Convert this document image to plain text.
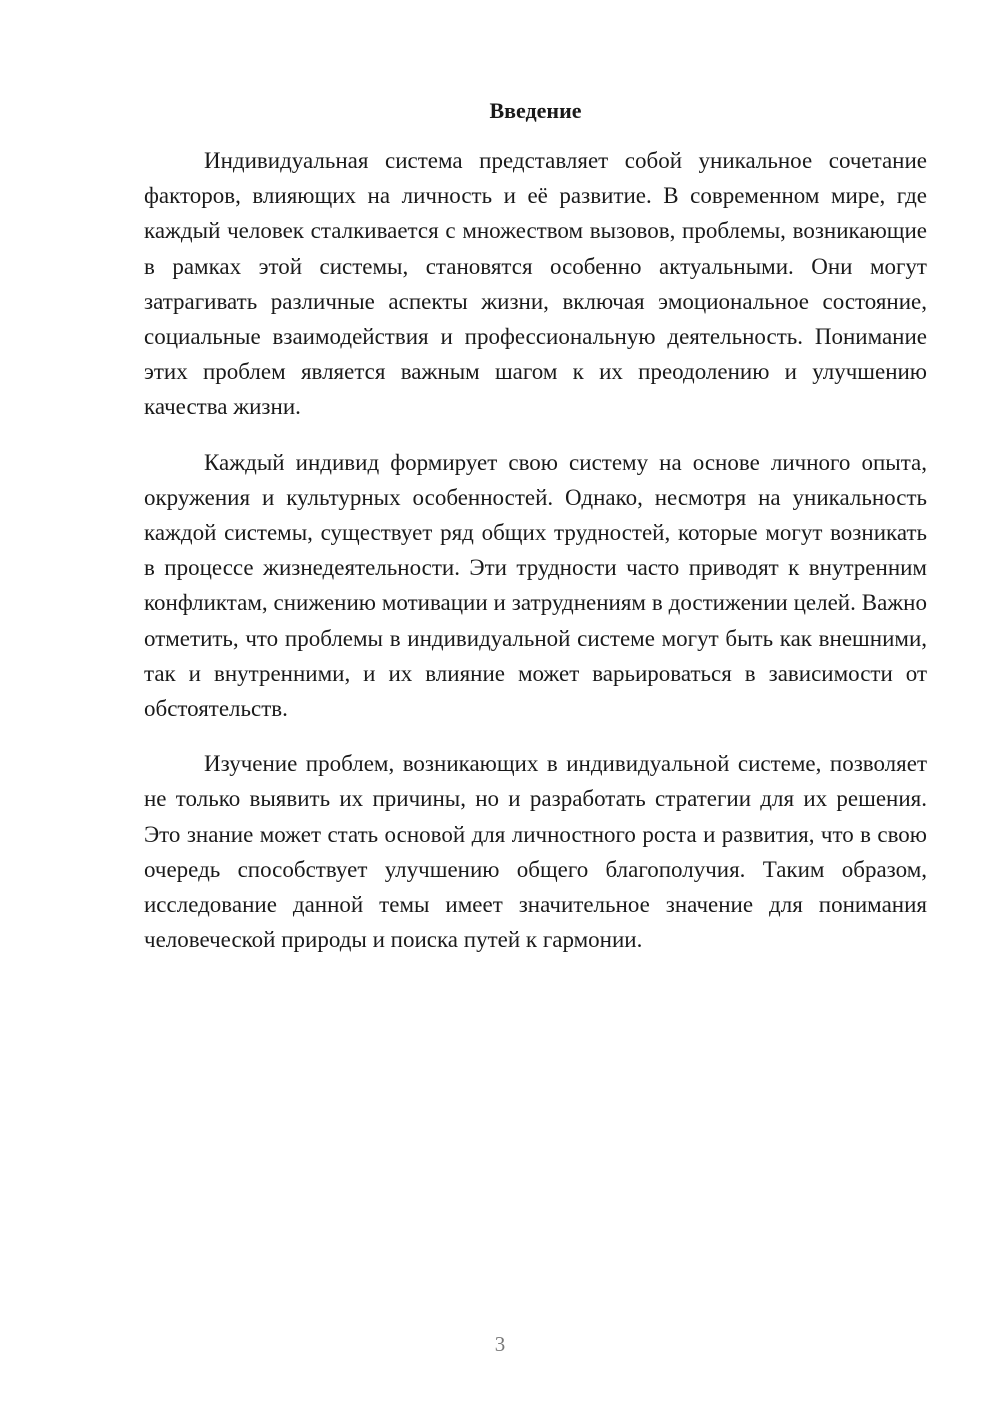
Введение

Индивидуальная система представляет собой уникальное сочетание факторов, влияющих на личность и её развитие. В современном мире, где каждый человек сталкивается с множеством вызовов, проблемы, возникающие в рамках этой системы, становятся особенно актуальными. Они могут затрагивать различные аспекты жизни, включая эмоциональное состояние, социальные взаимодействия и профессиональную деятельность. Понимание этих проблем является важным шагом к их преодолению и улучшению качества жизни.

Каждый индивид формирует свою систему на основе личного опыта, окружения и культурных особенностей. Однако, несмотря на уникальность каждой системы, существует ряд общих трудностей, которые могут возникать в процессе жизнедеятельности. Эти трудности часто приводят к внутренним конфликтам, снижению мотивации и затруднениям в достижении целей. Важно отметить, что проблемы в индивидуальной системе могут быть как внешними, так и внутренними, и их влияние может варьироваться в зависимости от обстоятельств.

Изучение проблем, возникающих в индивидуальной системе, позволяет не только выявить их причины, но и разработать стратегии для их решения. Это знание может стать основой для личностного роста и развития, что в свою очередь способствует улучшению общего благополучия. Таким образом, исследование данной темы имеет значительное значение для понимания человеческой природы и поиска путей к гармонии.

3
